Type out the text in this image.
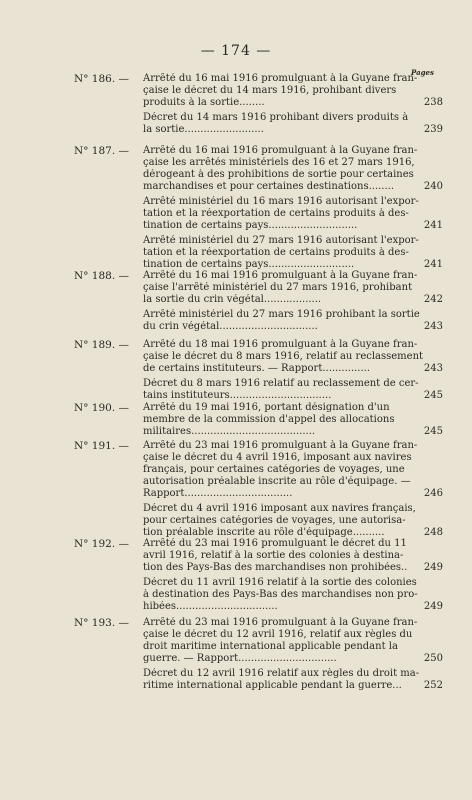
— 174 —
Pages
N° 186. —	Arrêté du 16 mai 1916 promulguant à la Guyane fran-
çaise le décret du 14 mars 1916, prohibant divers
produits à la sortie........	238
Décret du 14 mars 1916 prohibant divers produits à
la sortie.........................	239
N° 187. —	Arrêté du 16 mai 1916 promulguant à la Guyane fran-
çaise les arrêtés ministériels des 16 et 27 mars 1916,
dérogeant à des prohibitions de sortie pour certaines
marchandises et pour certaines destinations........	240
Arrêté ministériel du 16 mars 1916 autorisant l'expor-
tation et la réexportation de certains produits à des-
tination de certains pays............................	241
Arrêté ministériel du 27 mars 1916 autorisant l'expor-
tation et la réexportation de certains produits à des-
tination de certains pays...........................	241
N° 188. —	Arrêté du 16 mai 1916 promulguant à la Guyane fran-
çaise l'arrêté ministériel du 27 mars 1916, prohibant
la sortie du crin végétal..................	242
Arrêté ministériel du 27 mars 1916 prohibant la sortie
du crin végétal...............................	243
N° 189. —	Arrêté du 18 mai 1916 promulguant à la Guyane fran-
çaise le décret du 8 mars 1916, relatif au reclassement
de certains instituteurs. — Rapport...............	243
Décret du 8 mars 1916 relatif au reclassement de cer-
tains instituteurs................................	245
N° 190. —	Arrêté du 19 mai 1916, portant désignation d'un
membre de la commission d'appel des allocations
militaires.......................................	245
N° 191. —	Arrêté du 23 mai 1916 promulguant à la Guyane fran-
çaise le décret du 4 avril 1916, imposant aux navires
français, pour certaines catégories de voyages, une
autorisation préalable inscrite au rôle d'équipage. —
Rapport..................................	246
Décret du 4 avril 1916 imposant aux navires français,
pour certaines catégories de voyages, une autorisa-
tion préalable inscrite au rôle d'équipage..........	248
N° 192. —	Arrêté du 23 mai 1916 promulguant le décret du 11
avril 1916, relatif à la sortie des colonies à destina-
tion des Pays-Bas des marchandises non prohibées.. 249
Décret du 11 avril 1916 relatif à la sortie des colonies
à destination des Pays-Bas des marchandises non pro-
hibées................................	249
N° 193. —	Arrêté du 23 mai 1916 promulguant à la Guyane fran-
çaise le décret du 12 avril 1916, relatif aux règles du
droit maritime international applicable pendant la
guerre. — Rapport...............................	250
Décret du 12 avril 1916 relatif aux règles du droit ma-
ritime international applicable pendant la guerre... 252
